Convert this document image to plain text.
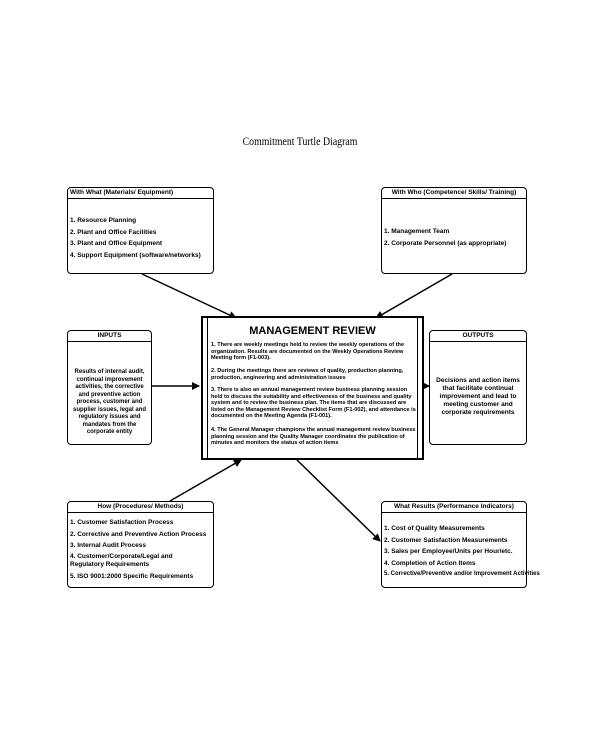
Commitment Turtle Diagram
With What (Materials/ Equipment)
1. Resource Planning
2. Plant and Office Facilities
3. Plant and Office Equipment
4. Support Equipment (software/networks)
With Who (Competence/ Skills/ Training)
1. Management Team
2. Corporate Personnel (as appropriate)
INPUTS
Results of internal audit, continual improvement activities, the corrective and preventive action process, customer and supplier issues, legal and regulatory issues and mandates from the corporate entity
OUTPUTS
Decisions and action items that facilitate continual improvement and lead to meeting customer and corporate requirements
MANAGEMENT REVIEW
1. There are weekly meetings held to review the weekly operations of the organization. Results are documented on the Weekly Operations Review Meeting form (F1-003).
2. During the meetings there are reviews of quality, production planning, production, engineering and administration issues
3. There is also an annual management review business planning session held to discuss the suitability and effectiveness of the business and quality system and to review the business plan. The items that are discussed are listed on the Management Review Checklist Form (F1-002), and attendance is documented on the Meeting Agenda (F1-001).
4. The General Manager champions the annual management review business planning session and the Quality Manager coordinates the publication of minutes and monitors the status of action items
How (Procedures/ Methods)
1. Customer Satisfaction Process
2. Corrective and Preventive Action Process
3. Internal Audit Process
4. Customer/Corporate/Legal and Regulatory Requirements
5. ISO 9001:2000 Specific Requirements
What Results (Performance Indicators)
1. Cost of Quality Measurements
2. Customer Satisfaction Measurements
3. Sales per Employee/Units per Hour/etc.
4. Completion of Action Items
5. Corrective/Preventive and/or Improvement Activities
